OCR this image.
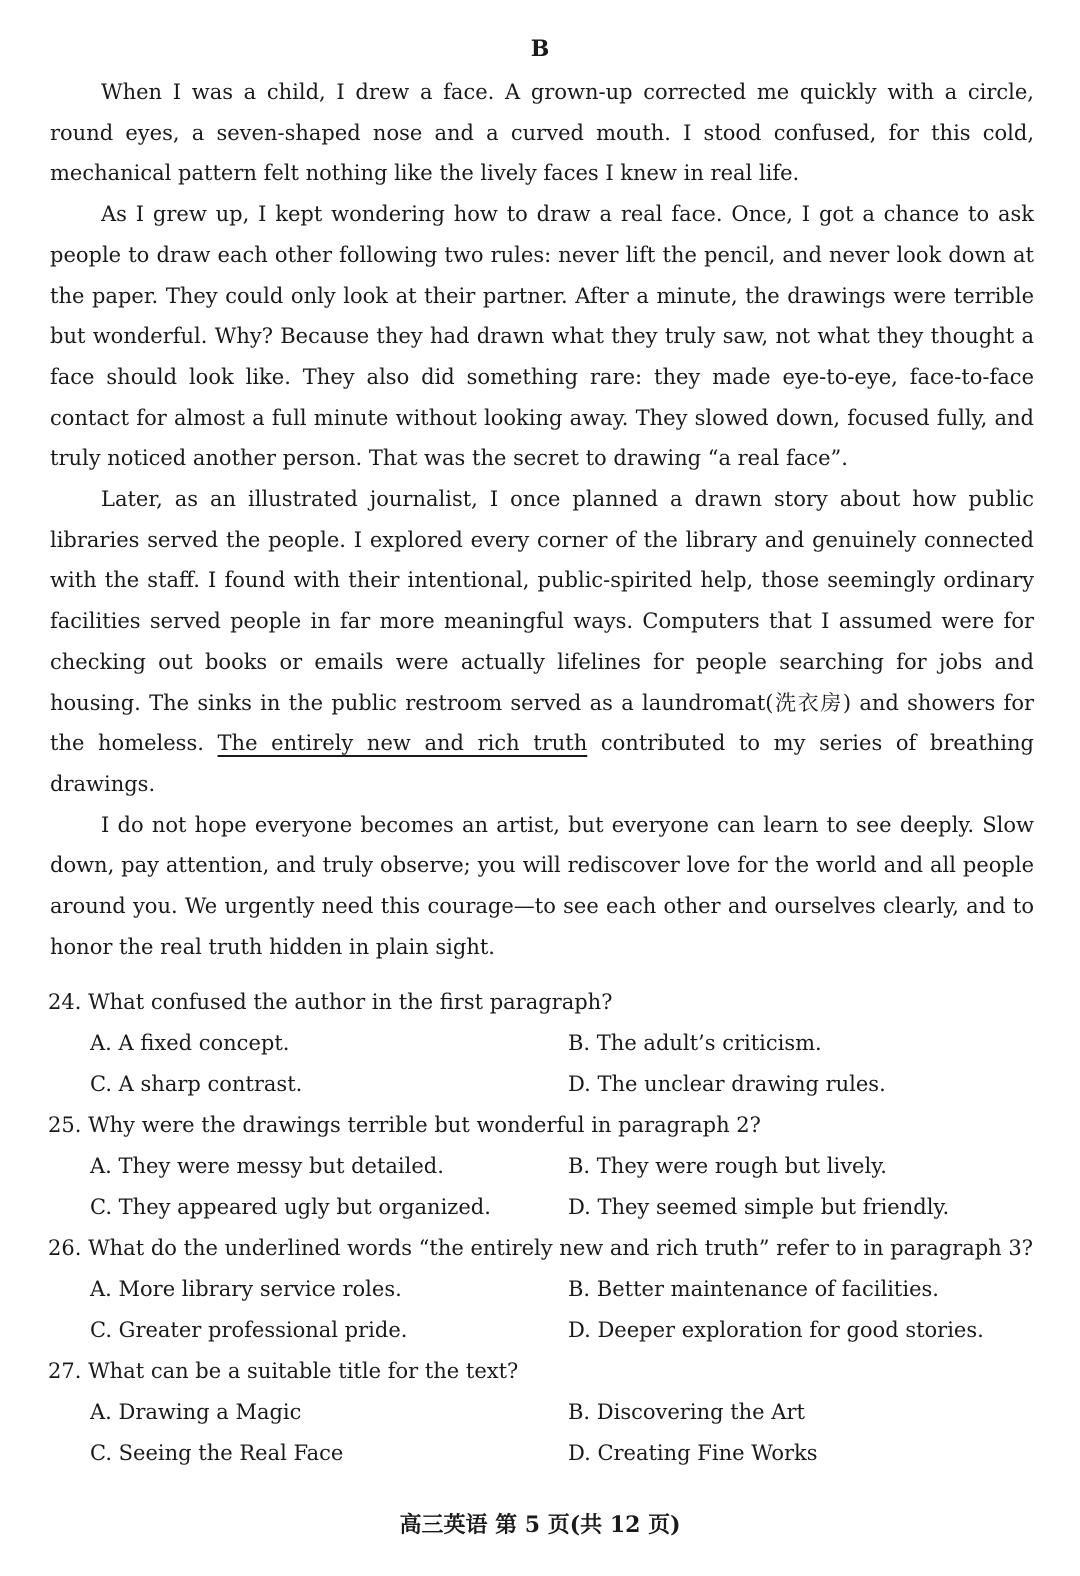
B

When I was a child, I drew a face. A grown-up corrected me quickly with a circle, round eyes, a seven-shaped nose and a curved mouth. I stood confused, for this cold, mechanical pattern felt nothing like the lively faces I knew in real life.

As I grew up, I kept wondering how to draw a real face. Once, I got a chance to ask people to draw each other following two rules: never lift the pencil, and never look down at the paper. They could only look at their partner. After a minute, the drawings were terrible but wonderful. Why? Because they had drawn what they truly saw, not what they thought a face should look like. They also did something rare: they made eye-to-eye, face-to-face contact for almost a full minute without looking away. They slowed down, focused fully, and truly noticed another person. That was the secret to drawing “a real face”.

Later, as an illustrated journalist, I once planned a drawn story about how public libraries served the people. I explored every corner of the library and genuinely connected with the staff. I found with their intentional, public-spirited help, those seemingly ordinary facilities served people in far more meaningful ways. Computers that I assumed were for checking out books or emails were actually lifelines for people searching for jobs and housing. The sinks in the public restroom served as a laundromat(洗衣房) and showers for the homeless. The entirely new and rich truth contributed to my series of breathing drawings.

I do not hope everyone becomes an artist, but everyone can learn to see deeply. Slow down, pay attention, and truly observe; you will rediscover love for the world and all people around you. We urgently need this courage—to see each other and ourselves clearly, and to honor the real truth hidden in plain sight.

24. What confused the author in the first paragraph?

A. A fixed concept.	B. The adult’s criticism.
C. A sharp contrast.	D. The unclear drawing rules.

25. Why were the drawings terrible but wonderful in paragraph 2?

A. They were messy but detailed.	B. They were rough but lively.
C. They appeared ugly but organized.	D. They seemed simple but friendly.

26. What do the underlined words “the entirely new and rich truth” refer to in paragraph 3?

A. More library service roles.	B. Better maintenance of facilities.
C. Greater professional pride.	D. Deeper exploration for good stories.

27. What can be a suitable title for the text?

A. Drawing a Magic	B. Discovering the Art
C. Seeing the Real Face	D. Creating Fine Works
高三英语 第 5 页(共 12 页)
